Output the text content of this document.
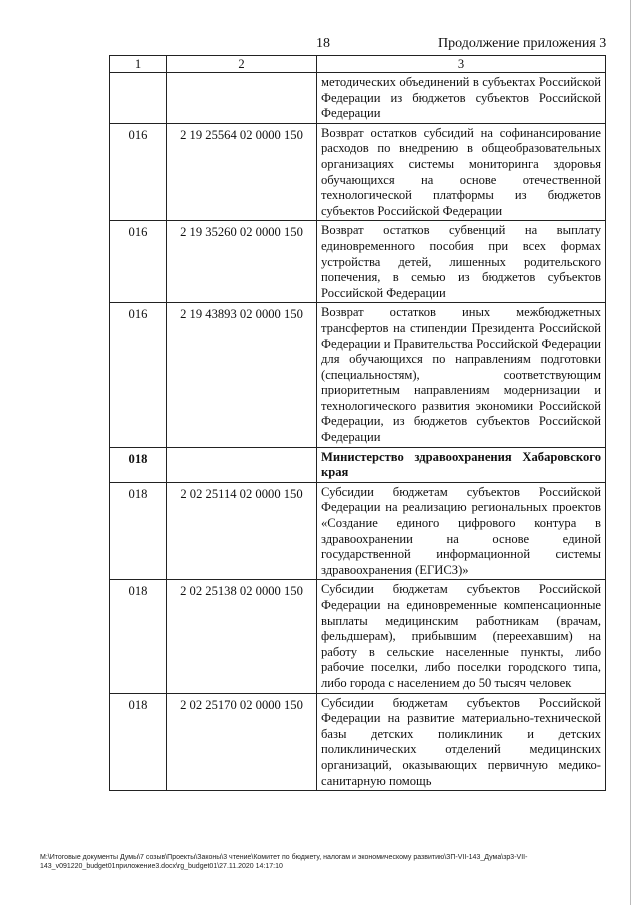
18	Продолжение приложения 3
1	2	3
		методических объединений в субъектах Российской Федерации из бюджетов субъектов Российской Федерации
016	2 19 25564 02 0000 150	Возврат остатков субсидий на софинансирование расходов по внедрению в общеобразовательных организациях системы мониторинга здоровья обучающихся на основе отечественной технологической платформы из бюджетов субъектов Российской Федерации
016	2 19 35260 02 0000 150	Возврат остатков субвенций на выплату единовременного пособия при всех формах устройства детей, лишенных родительского попечения, в семью из бюджетов субъектов Российской Федерации
016	2 19 43893 02 0000 150	Возврат остатков иных межбюджетных трансфертов на стипендии Президента Российской Федерации и Правительства Российской Федерации для обучающихся по направлениям подготовки (специальностям), соответствующим приоритетным направлениям модернизации и технологического развития экономики Российской Федерации, из бюджетов субъектов Российской Федерации
018		Министерство здравоохранения Хабаровского края
018	2 02 25114 02 0000 150	Субсидии бюджетам субъектов Российской Федерации на реализацию региональных проектов «Создание единого цифрового контура в здравоохранении на основе единой государственной информационной системы здравоохранения (ЕГИСЗ)»
018	2 02 25138 02 0000 150	Субсидии бюджетам субъектов Российской Федерации на единовременные компенсационные выплаты медицинским работникам (врачам, фельдшерам), прибывшим (переехавшим) на работу в сельские населенные пункты, либо рабочие поселки, либо поселки городского типа, либо города с населением до 50 тысяч человек
018	2 02 25170 02 0000 150	Субсидии бюджетам субъектов Российской Федерации на развитие материально-технической базы детских поликлиник и детских поликлинических отделений медицинских организаций, оказывающих первичную медико-санитарную помощь
М:\Итоговые документы Думы\7 созыв\Проекты\Законы\3 чтение\Комитет по бюджету, налогам и экономическому развитию\ЗП-VII-143_Дума\зр3-VII-143_v091220_budget01приложение3.docx\rg_budget01\27.11.2020 14:17:10
